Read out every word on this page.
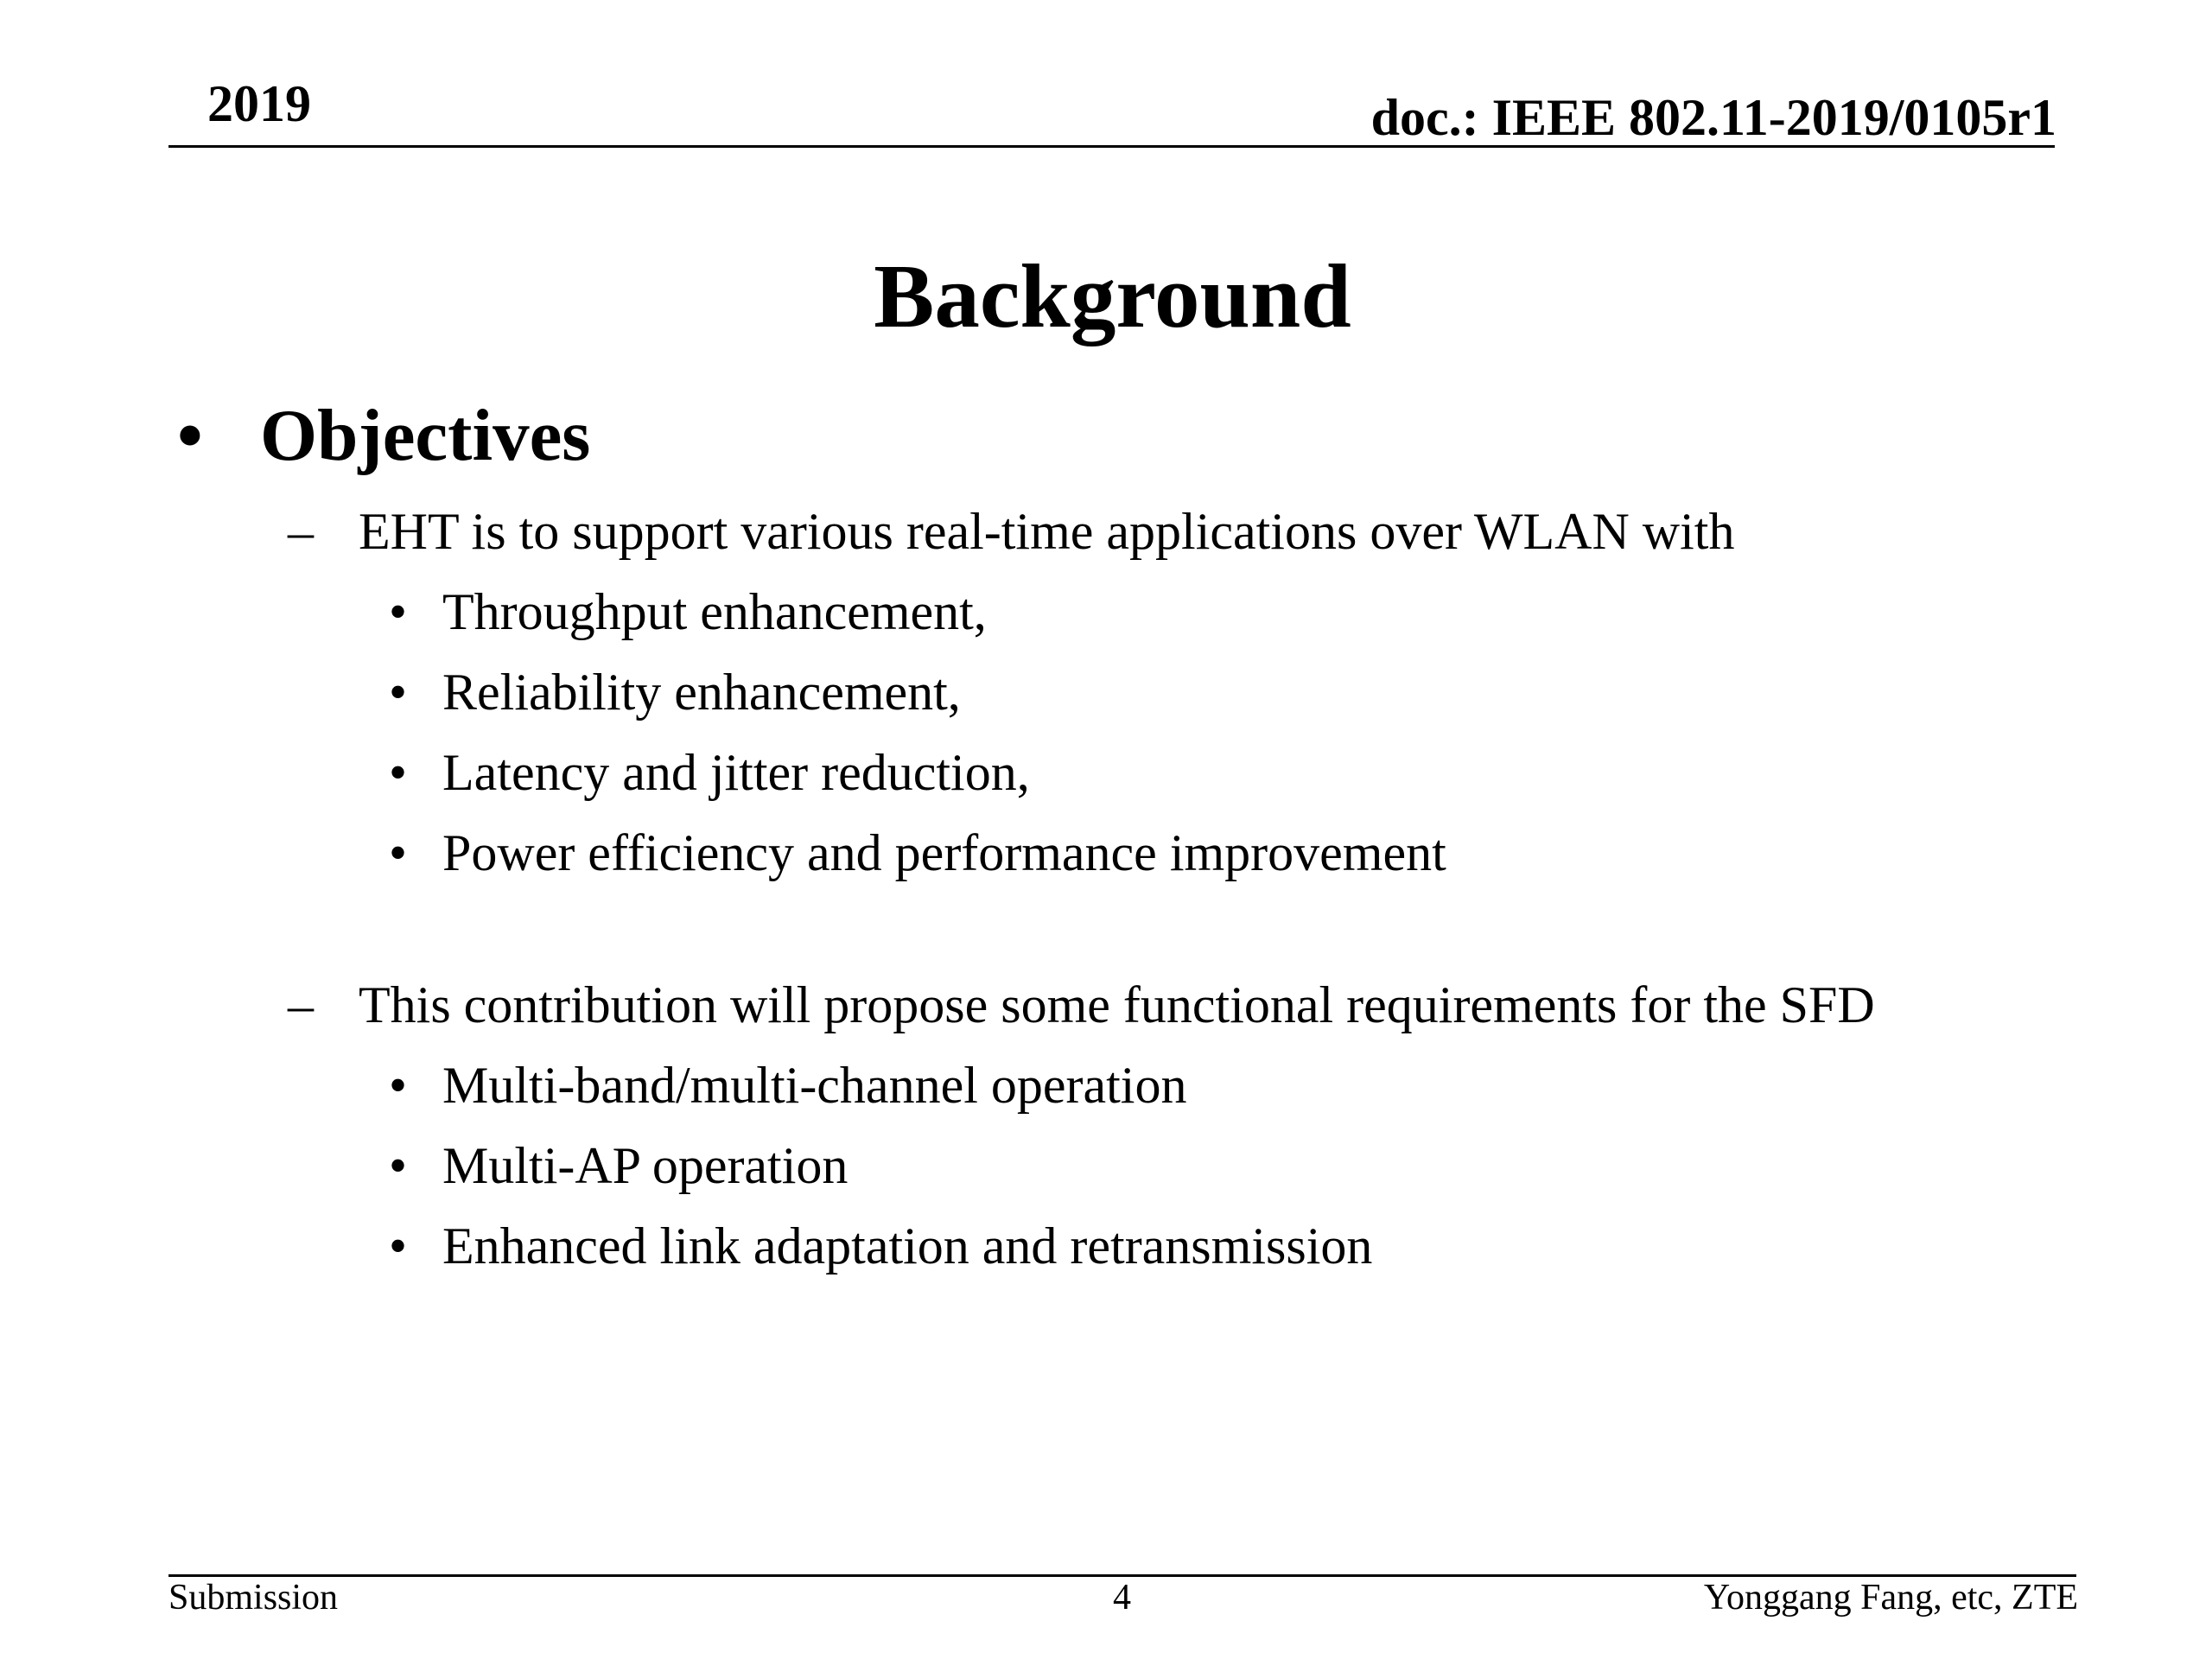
2019	doc.: IEEE 802.11-2019/0105r1
Background
• Objectives
– EHT is to support various real-time applications over WLAN with
• Throughput enhancement,
• Reliability enhancement,
• Latency and jitter reduction,
• Power efficiency and performance improvement
– This contribution will propose some functional requirements for the SFD
• Multi-band/multi-channel operation
• Multi-AP operation
• Enhanced link adaptation and retransmission
Submission	4	Yonggang Fang, etc, ZTE
